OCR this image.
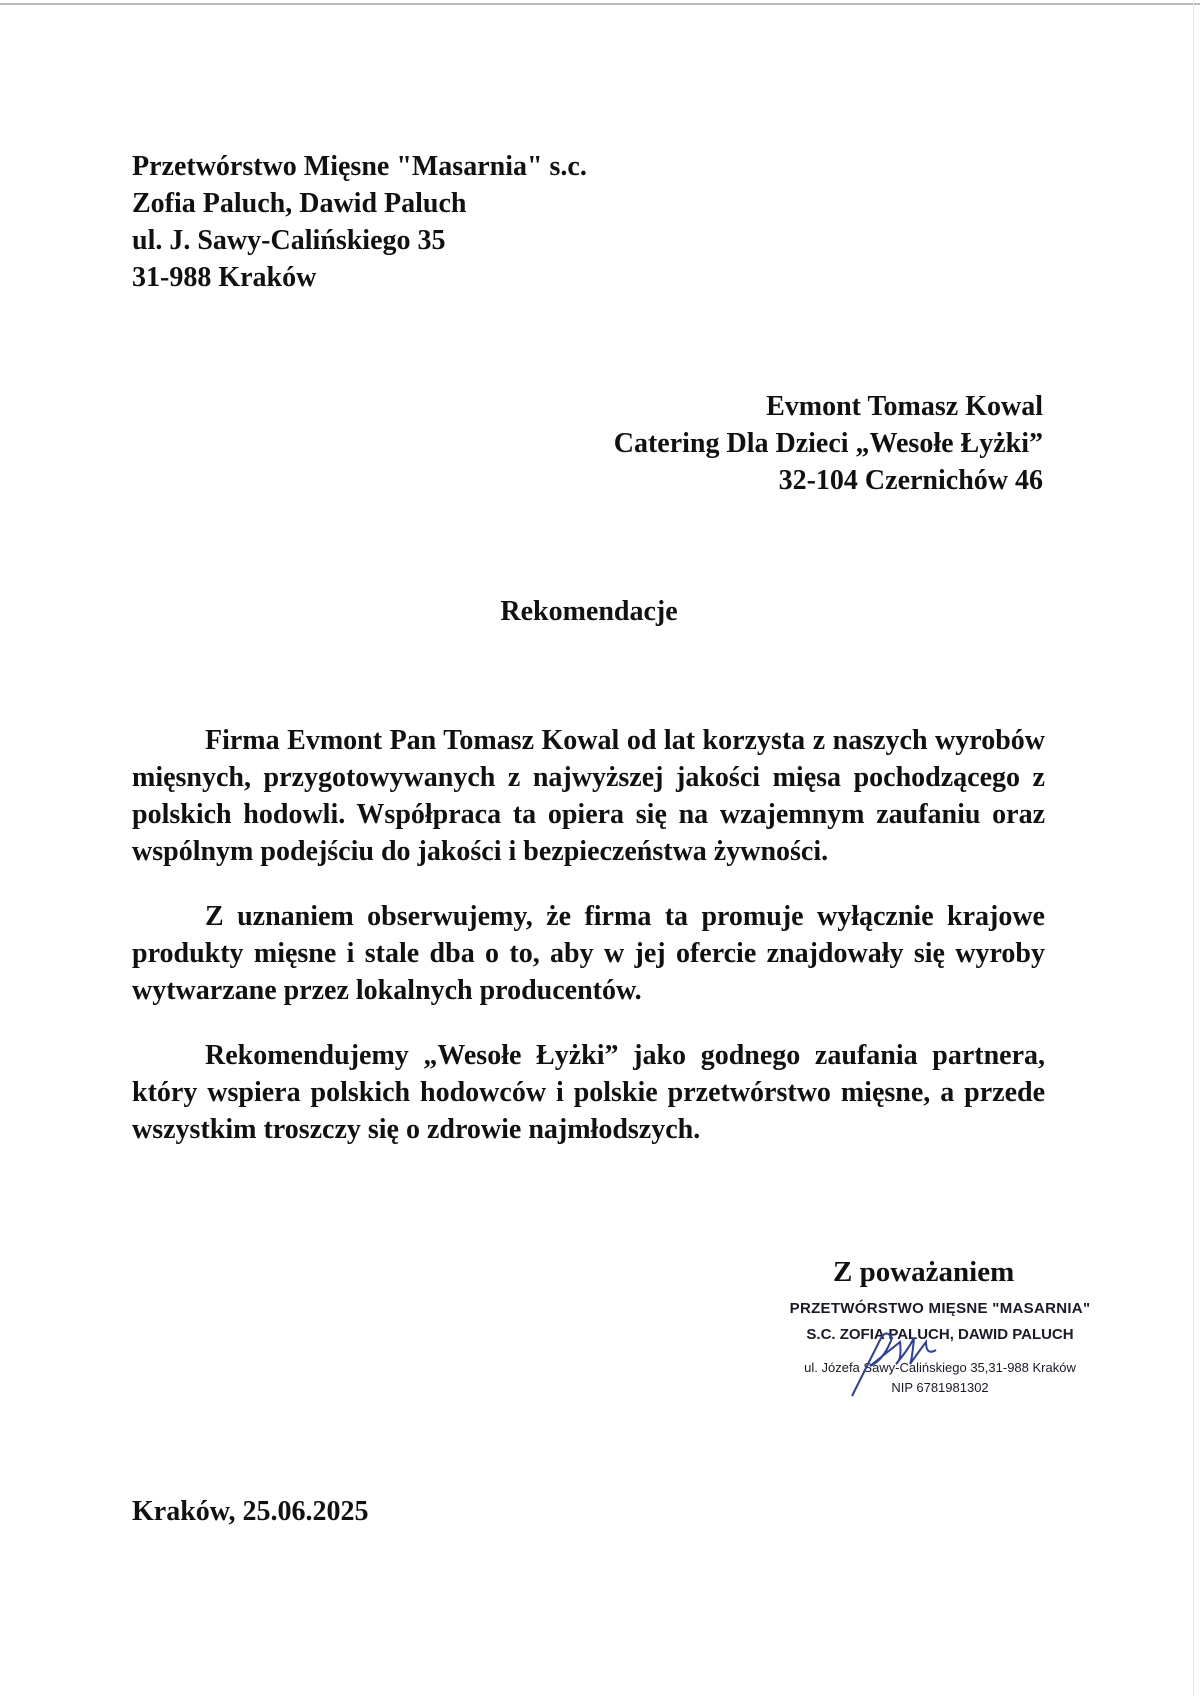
Przetwórstwo Mięsne "Masarnia" s.c.
Zofia Paluch, Dawid Paluch
ul. J. Sawy-Calińskiego 35
31-988 Kraków
Evmont Tomasz Kowal
Catering Dla Dzieci „Wesołe Łyżki”
32-104 Czernichów 46
Rekomendacje

Firma Evmont Pan Tomasz Kowal od lat korzysta z naszych wyrobów mięsnych, przygotowywanych z najwyższej jakości mięsa pochodzącego z polskich hodowli. Współpraca ta opiera się na wzajemnym zaufaniu oraz wspólnym podejściu do jakości i bezpieczeństwa żywności.

Z uznaniem obserwujemy, że firma ta promuje wyłącznie krajowe produkty mięsne i stale dba o to, aby w jej ofercie znajdowały się wyroby wytwarzane przez lokalnych producentów.

Rekomendujemy „Wesołe Łyżki” jako godnego zaufania partnera, który wspiera polskich hodowców i polskie przetwórstwo mięsne, a przede wszystkim troszczy się o zdrowie najmłodszych.

Z poważaniem
PRZETWÓRSTWO MIĘSNE "MASARNIA"
S.C. ZOFIA PALUCH, DAWID PALUCH
ul. Józefa Sawy-Calińskiego 35,31-988 Kraków
NIP 6781981302
Kraków, 25.06.2025
